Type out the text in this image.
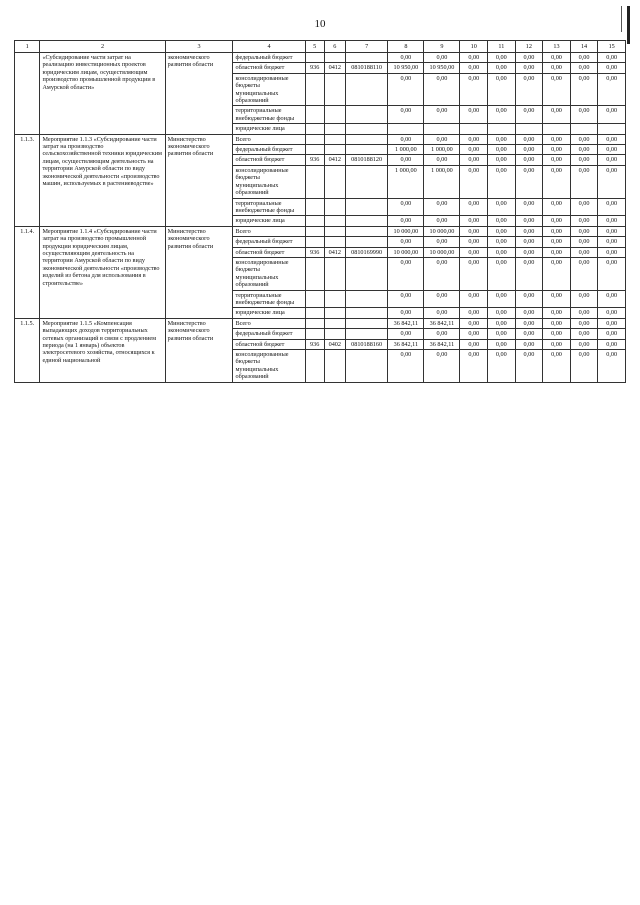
10
1	2	3	4	5	6	7	8	9	10	11	12	13	14	15
	«Субсидирование части затрат на реализацию инвестиционных проектов юридическим лицам, осуществляющим производство промышленной продукции в Амурской области»	экономического развития области	федеральный бюджет				0,00	0,00	0,00	0,00	0,00	0,00	0,00	0,00
			областной бюджет	936	0412	0810188110	10 950,00	10 950,00	0,00	0,00	0,00	0,00	0,00	0,00
			консолидированные бюджеты муниципальных образований				0,00	0,00	0,00	0,00	0,00	0,00	0,00	0,00
			территориальные внебюджетные фонды				0,00	0,00	0,00	0,00	0,00	0,00	0,00	0,00
			юридические лица											
1.1.3.	Мероприятие 1.1.3 «Субсидирование части затрат на производство сельскохозяйственной техники юридическим лицам, осуществляющим деятельность на территории Амурской области по виду экономической деятельности «производство машин, используемых в растениеводстве»	Министерство экономического развития области	Всего				0,00	0,00	0,00	0,00	0,00	0,00	0,00	0,00
			федеральный бюджет				1 000,00	1 000,00	0,00	0,00	0,00	0,00	0,00	0,00
			областной бюджет	936	0412	0810188120	0,00	0,00	0,00	0,00	0,00	0,00	0,00	0,00
			консолидированные бюджеты муниципальных образований				1 000,00	1 000,00	0,00	0,00	0,00	0,00	0,00	0,00
			территориальные внебюджетные фонды				0,00	0,00	0,00	0,00	0,00	0,00	0,00	0,00
			юридические лица				0,00	0,00	0,00	0,00	0,00	0,00	0,00	0,00
1.1.4.	Мероприятие 1.1.4 «Субсидирование части затрат на производство промышленной продукции юридическим лицам, осуществляющим деятельность на территории Амурской области по виду экономической деятельности «производство изделий из бетона для использования в строительстве»	Министерство экономического развития области	Всего				10 000,00	10 000,00	0,00	0,00	0,00	0,00	0,00	0,00
			федеральный бюджет				0,00	0,00	0,00	0,00	0,00	0,00	0,00	0,00
			областной бюджет	936	0412	0810169990	10 000,00	10 000,00	0,00	0,00	0,00	0,00	0,00	0,00
			консолидированные бюджеты муниципальных образований				0,00	0,00	0,00	0,00	0,00	0,00	0,00	0,00
			территориальные внебюджетные фонды				0,00	0,00	0,00	0,00	0,00	0,00	0,00	0,00
			юридические лица				0,00	0,00	0,00	0,00	0,00	0,00	0,00	0,00
1.1.5.	Мероприятие 1.1.5 «Компенсация выпадающих доходов территориальных сетевых организаций в связи с продлением периода (на 1 январь) объектов электросетевого хозяйства, относящихся к единой национальной	Министерство экономического развития области	Всего				36 842,11	36 842,11	0,00	0,00	0,00	0,00	0,00	0,00
			федеральный бюджет				0,00	0,00	0,00	0,00	0,00	0,00	0,00	0,00
			областной бюджет	936	0402	0810188160	36 842,11	36 842,11	0,00	0,00	0,00	0,00	0,00	0,00
			консолидированные бюджеты муниципальных образований				0,00	0,00	0,00	0,00	0,00	0,00	0,00	0,00
